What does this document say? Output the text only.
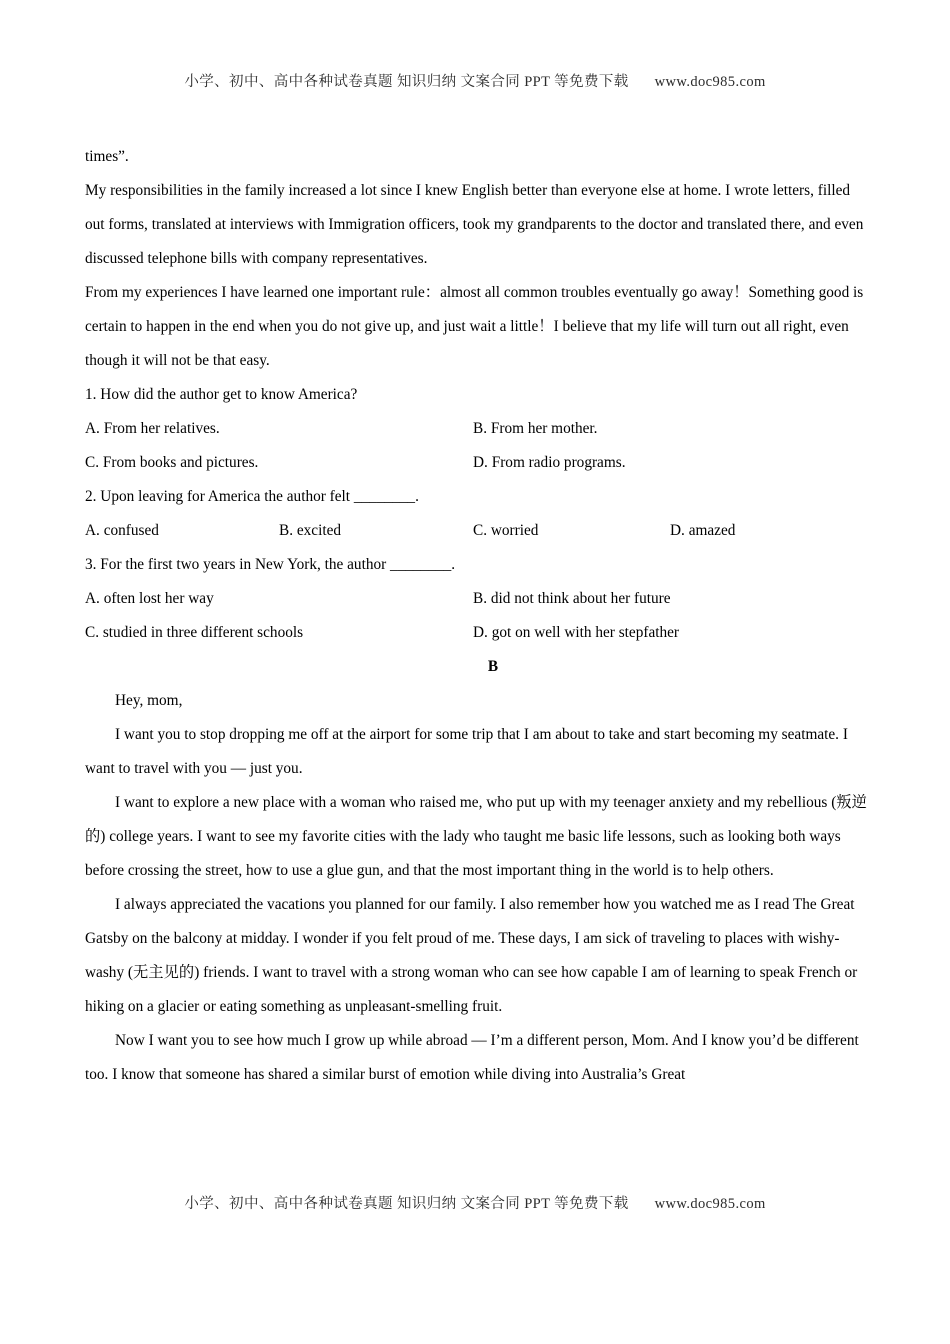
小学、初中、高中各种试卷真题 知识归纳 文案合同 PPT 等免费下载 www.doc985.com
times”.
My responsibilities in the family increased a lot since I knew English better than everyone else at home. I wrote letters, filled out forms, translated at interviews with Immigration officers, took my grandparents to the doctor and translated there, and even discussed telephone bills with company representatives.
From my experiences I have learned one important rule：almost all common troubles eventually go away！Something good is certain to happen in the end when you do not give up, and just wait a little！I believe that my life will turn out all right, even though it will not be that easy.
1. How did the author get to know America?
A. From her relatives.	B. From her mother.
C. From books and pictures.	D. From radio programs.
2. Upon leaving for America the author felt ________.
A. confused	B. excited	C. worried	D. amazed
3. For the first two years in New York, the author ________.
A. often lost her way	B. did not think about her future
C. studied in three different schools	D. got on well with her stepfather
B
Hey, mom,
I want you to stop dropping me off at the airport for some trip that I am about to take and start becoming my seatmate. I want to travel with you — just you.
I want to explore a new place with a woman who raised me, who put up with my teenager anxiety and my rebellious (叛逆的) college years. I want to see my favorite cities with the lady who taught me basic life lessons, such as looking both ways before crossing the street, how to use a glue gun, and that the most important thing in the world is to help others.
I always appreciated the vacations you planned for our family. I also remember how you watched me as I read The Great Gatsby on the balcony at midday. I wonder if you felt proud of me. These days, I am sick of traveling to places with wishy-washy (无主见的) friends. I want to travel with a strong woman who can see how capable I am of learning to speak French or hiking on a glacier or eating something as unpleasant-smelling fruit.
Now I want you to see how much I grow up while abroad — I’m a different person, Mom. And I know you’d be different too. I know that someone has shared a similar burst of emotion while diving into Australia’s Great
小学、初中、高中各种试卷真题 知识归纳 文案合同 PPT 等免费下载 www.doc985.com
